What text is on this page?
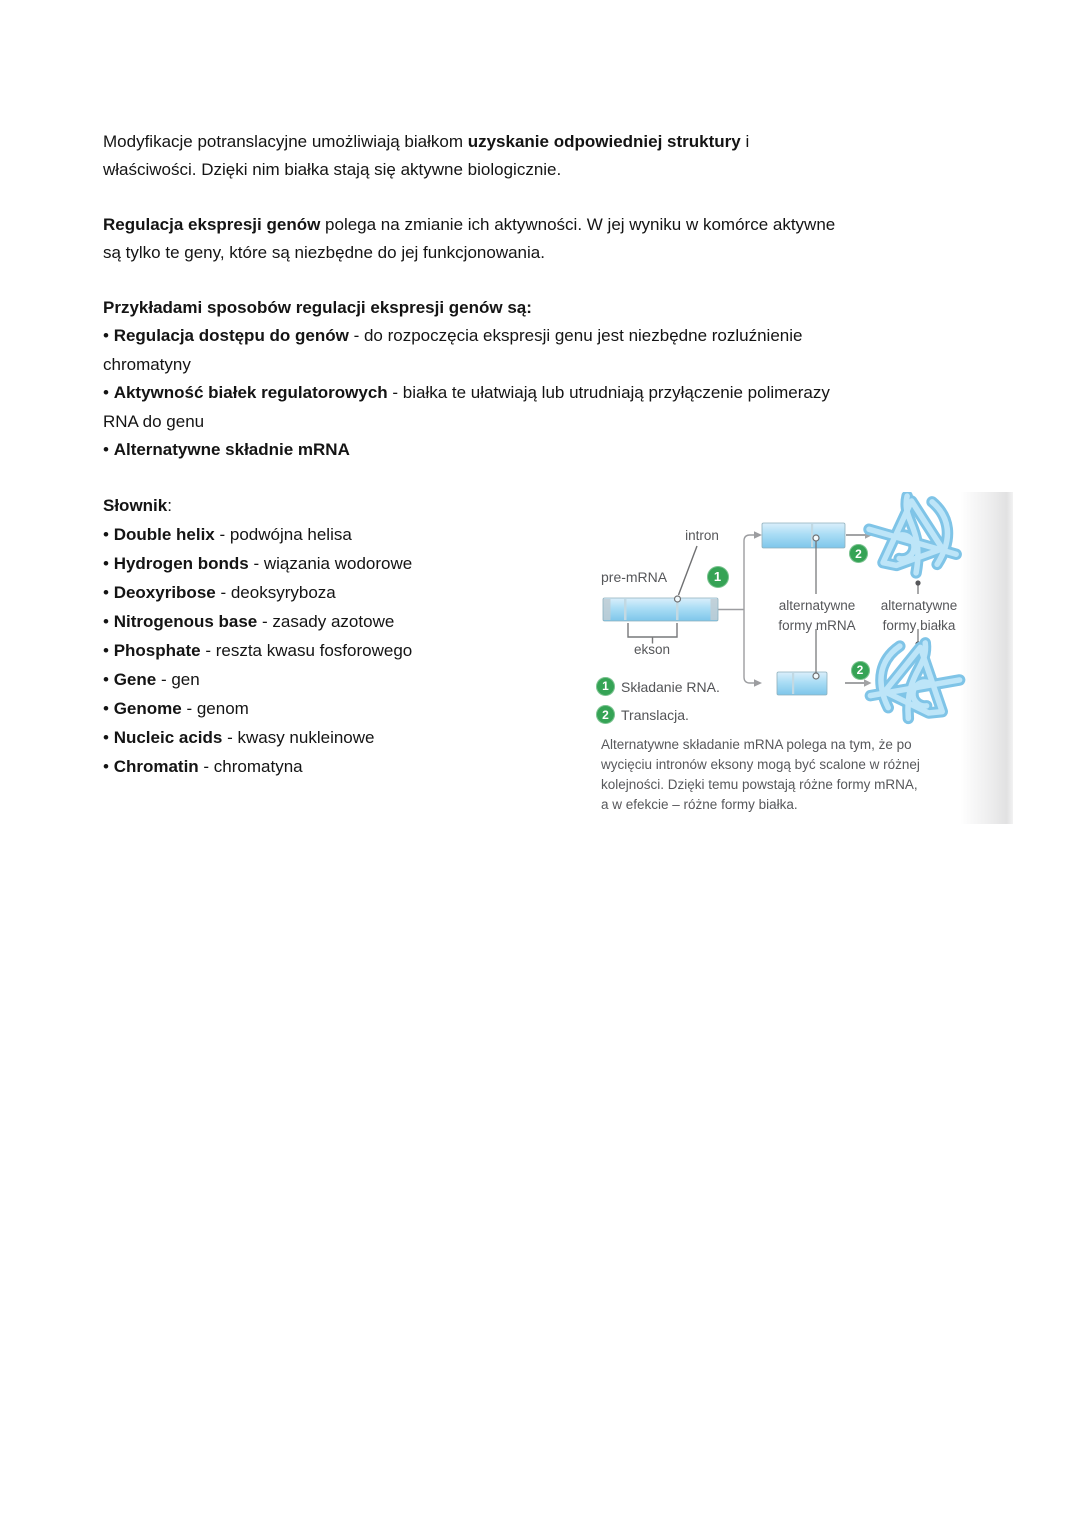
Modyfikacje potranslacyjne umożliwiają białkom uzyskanie odpowiedniej struktury i
właściwości. Dzięki nim białka stają się aktywne biologicznie.

Regulacja ekspresji genów polega na zmianie ich aktywności. W jej wyniku w komórce aktywne
są tylko te geny, które są niezbędne do jej funkcjonowania.

Przykładami sposobów regulacji ekspresji genów są:
• Regulacja dostępu do genów - do rozpoczęcia ekspresji genu jest niezbędne rozluźnienie
chromatyny
• Aktywność białek regulatorowych - białka te ułatwiają lub utrudniają przyłączenie polimerazy
RNA do genu
• Alternatywne składnie mRNA
Słownik:
• Double helix - podwójna helisa
• Hydrogen bonds - wiązania wodorowe
• Deoxyribose - deoksyryboza
• Nitrogenous base - zasady azotowe
• Phosphate - reszta kwasu fosforowego
• Gene - gen
• Genome - genom
• Nucleic acids - kwasy nukleinowe
• Chromatin - chromatyna
intron
pre-mRNA
ekson
alternatywne
formy mRNA
alternatywne
formy białka
1
2
2
1 Składanie RNA.
2 Translacja.
Alternatywne składanie mRNA polega na tym, że po
wycięciu intronów eksony mogą być scalone w różnej
kolejności. Dzięki temu powstają różne formy mRNA,
a w efekcie – różne formy białka.
